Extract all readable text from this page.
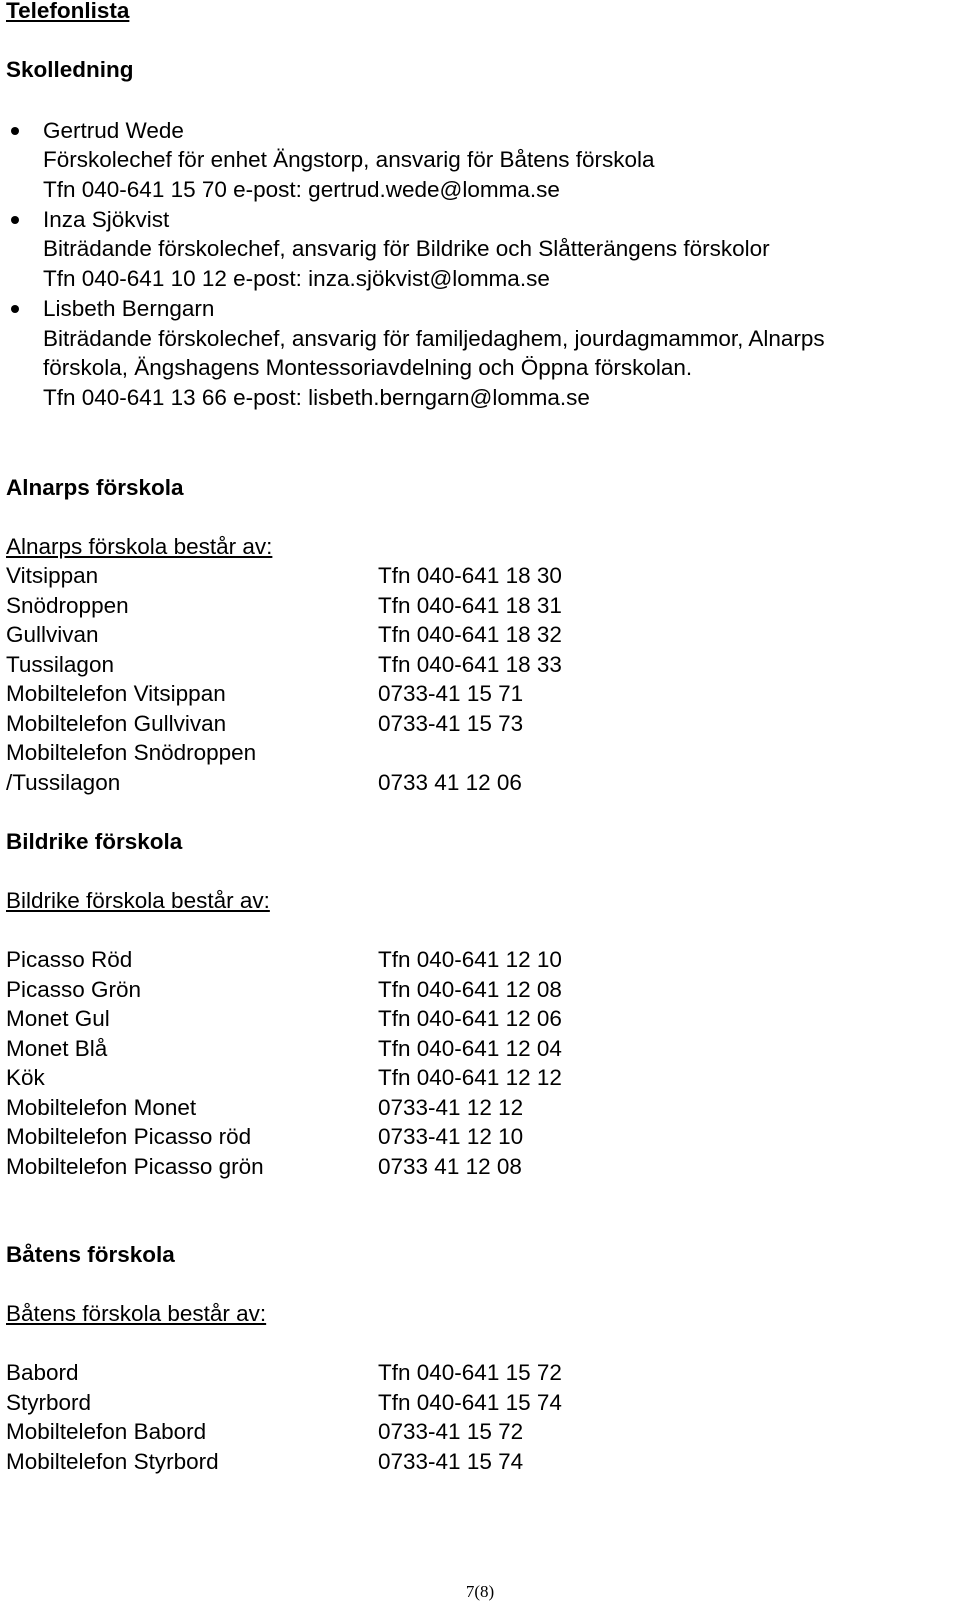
Telefonlista
Skolledning
Gertrud Wede
Förskolechef för enhet Ängstorp, ansvarig för Båtens förskola
Tfn 040-641 15 70 e-post: gertrud.wede@lomma.se
Inza Sjökvist
Biträdande förskolechef, ansvarig för Bildrike och Slåtterängens förskolor
Tfn 040-641 10 12 e-post: inza.sjökvist@lomma.se
Lisbeth Berngarn
Biträdande förskolechef, ansvarig för familjedaghem, jourdagmammor, Alnarps
förskola, Ängshagens Montessoriavdelning och Öppna förskolan.
Tfn 040-641 13 66 e-post: lisbeth.berngarn@lomma.se
Alnarps förskola
Alnarps förskola består av:
Vitsippan	Tfn 040-641 18 30
Snödroppen	Tfn 040-641 18 31
Gullvivan	Tfn 040-641 18 32
Tussilagon	Tfn 040-641 18 33
Mobiltelefon Vitsippan	0733-41 15 71
Mobiltelefon Gullvivan	0733-41 15 73
Mobiltelefon Snödroppen
/Tussilagon	0733 41 12 06
Bildrike förskola
Bildrike förskola består av:
Picasso Röd	Tfn 040-641 12 10
Picasso Grön	Tfn 040-641 12 08
Monet Gul	Tfn 040-641 12 06
Monet Blå	Tfn 040-641 12 04
Kök	Tfn 040-641 12 12
Mobiltelefon Monet	0733-41 12 12
Mobiltelefon Picasso röd	0733-41 12 10
Mobiltelefon Picasso grön	0733 41 12 08
Båtens förskola
Båtens förskola består av:
Babord	Tfn 040-641 15 72
Styrbord	Tfn 040-641 15 74
Mobiltelefon Babord	0733-41 15 72
Mobiltelefon Styrbord	0733-41 15 74
7(8)
